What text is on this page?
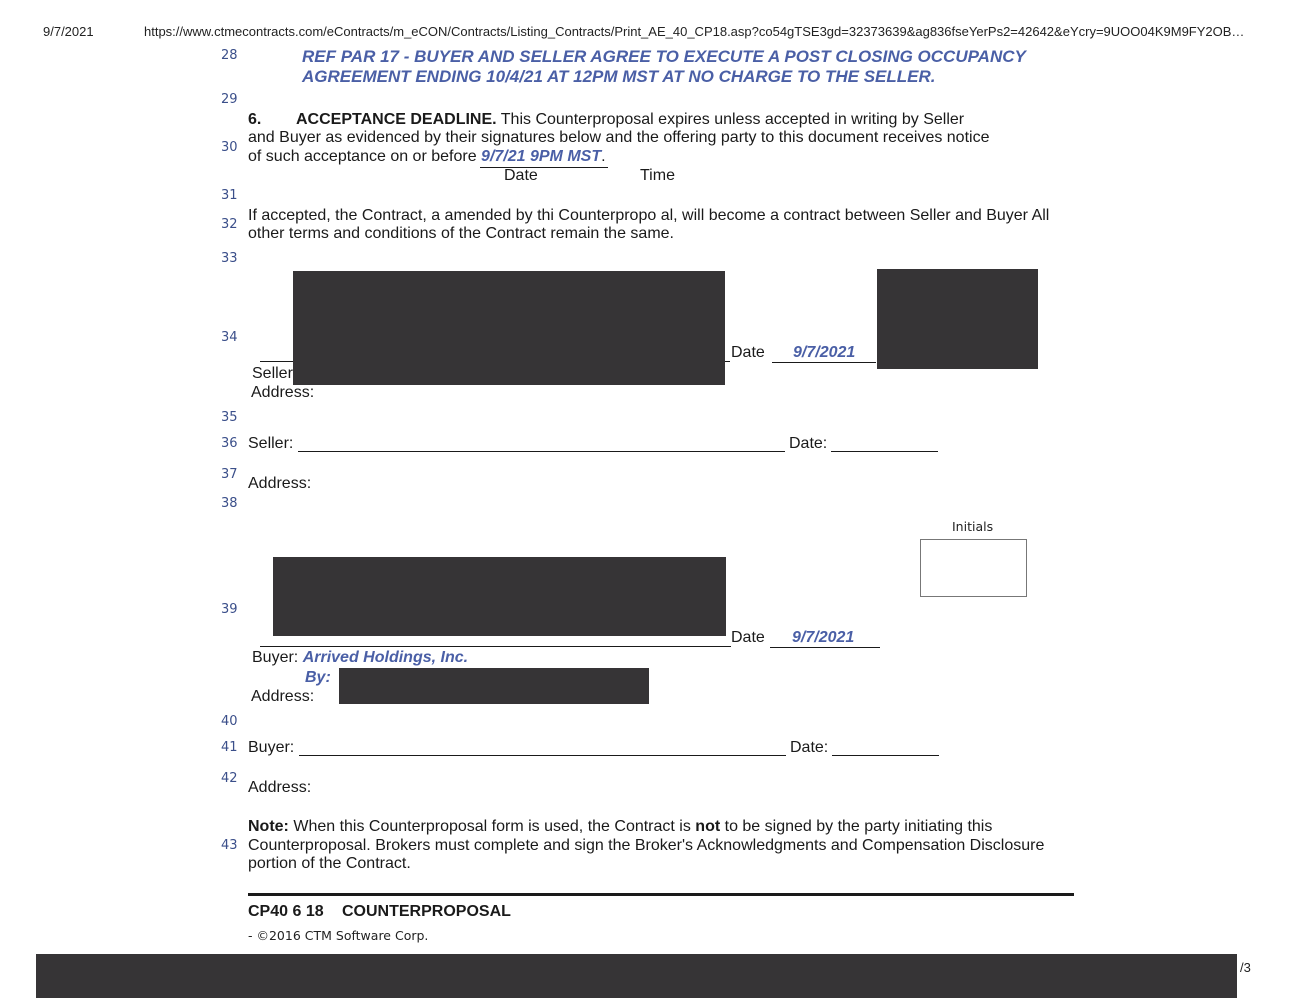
9/7/2021	https://www.ctmecontracts.com/eContracts/m_eCON/Contracts/Listing_Contracts/Print_AE_40_CP18.asp?co54gTSE3gd=32373639&ag836fseYerPs2=42642&eYcry=9UOO04K9M9FY2OB…
28
29
30
31
32
33
34
35
36
37
38
39
40
41
42
43
REF PAR 17 - BUYER AND SELLER AGREE TO EXECUTE A POST CLOSING OCCUPANCY
AGREEMENT ENDING 10/4/21 AT 12PM MST AT NO CHARGE TO THE SELLER.
6. ACCEPTANCE DEADLINE. This Counterproposal expires unless accepted in writing by Seller
and Buyer as evidenced by their signatures below and the offering party to this document receives notice
of such acceptance on or before 9/7/21 9PM MST.
Date	Time
If accepted, the Contract, a amended by thi Counterpropo al, will become a contract between Seller and Buyer All
other terms and conditions of the Contract remain the same.
Date 9/7/2021
Seller
Address:
Seller:	Date:
Address:
Initials
Date 9/7/2021
Buyer: Arrived Holdings, Inc.
By:
Address:
Buyer:	Date:
Address:
Note: When this Counterproposal form is used, the Contract is not to be signed by the party initiating this
Counterproposal. Brokers must complete and sign the Broker's Acknowledgments and Compensation Disclosure
portion of the Contract.
CP40 6 18 COUNTERPROPOSAL
- ©2016 CTM Software Corp.
/3
